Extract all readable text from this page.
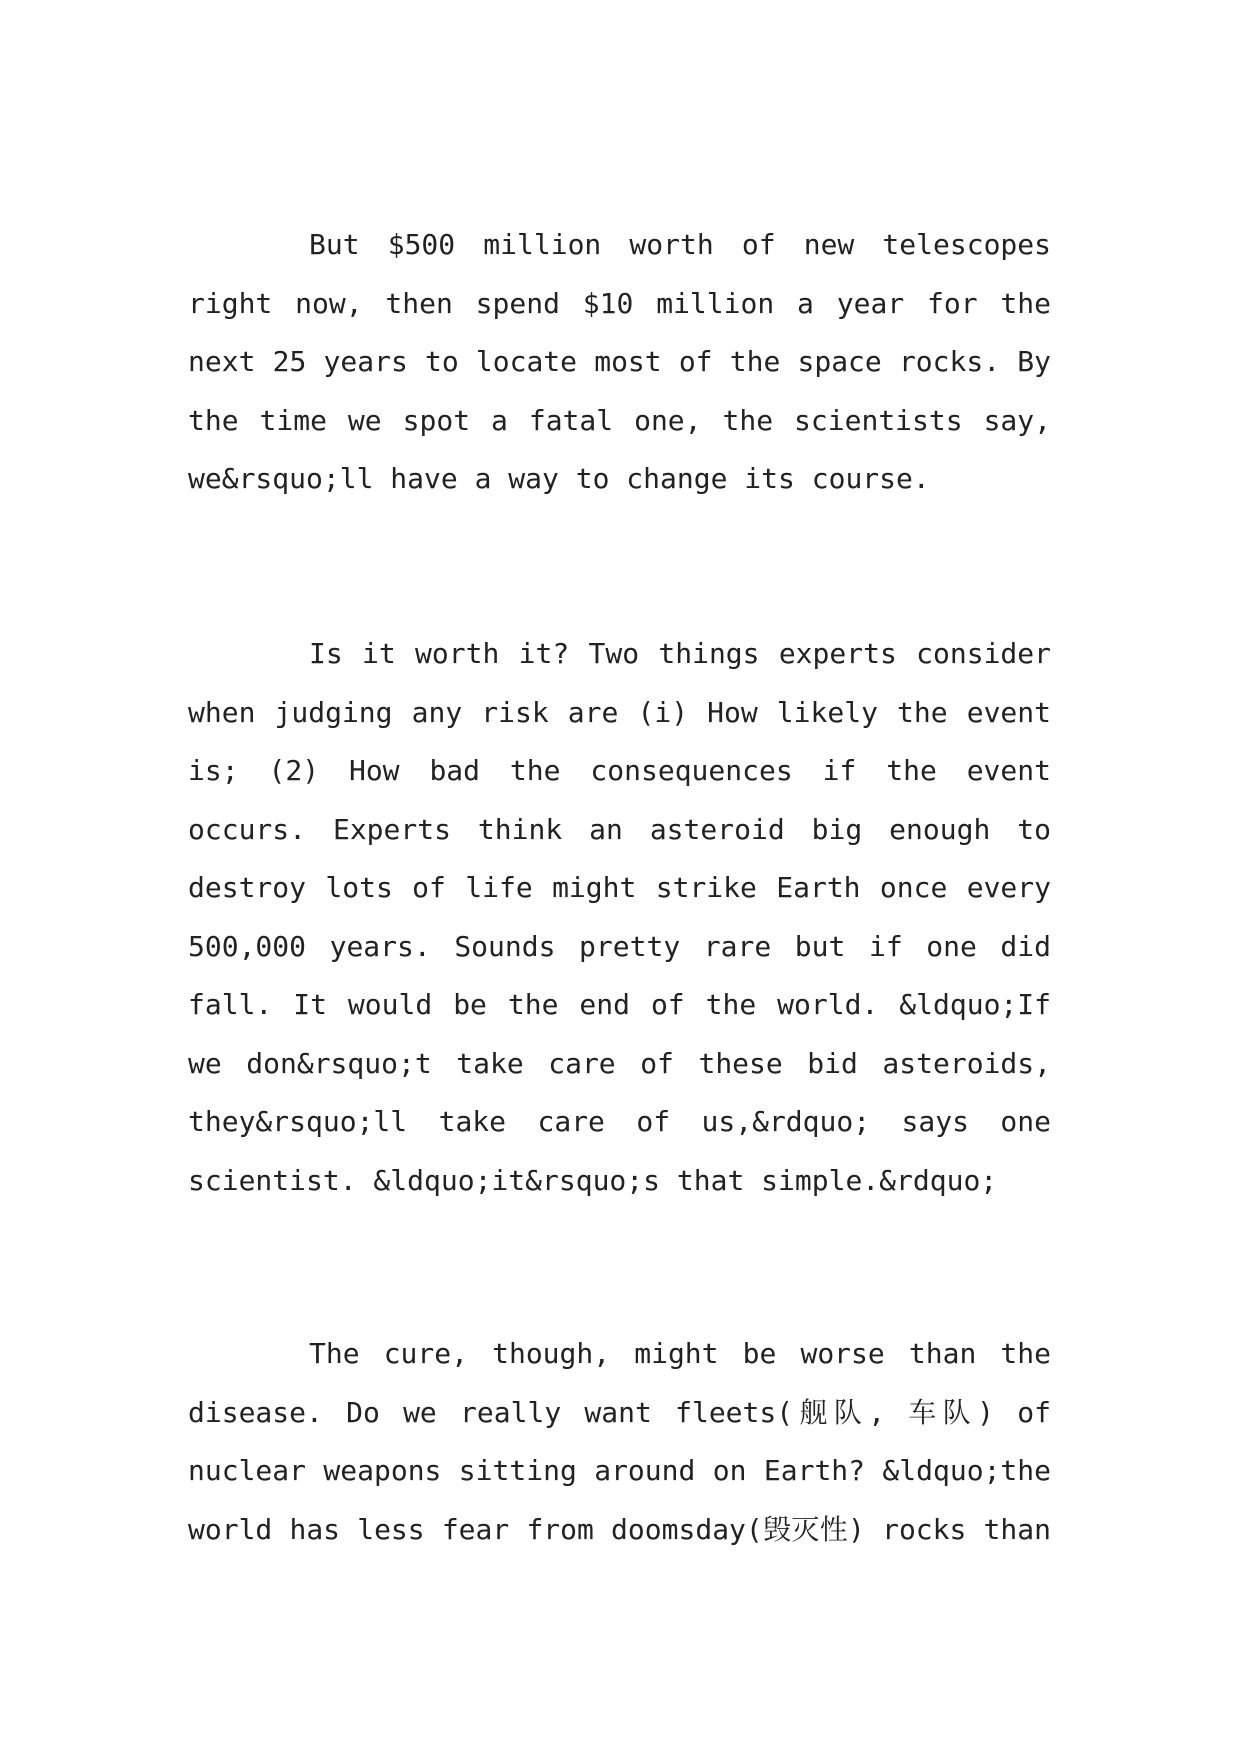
But $500 million worth of new telescopes
right now, then spend $10 million a year for the
next 25 years to locate most of the space rocks. By
the time we spot a fatal one, the scientists say,
we&rsquo;ll have a way to change its course.
Is it worth it? Two things experts consider
when judging any risk are (i) How likely the event
is; (2) How bad the consequences if the event
occurs. Experts think an asteroid big enough to
destroy lots of life might strike Earth once every
500,000 years. Sounds pretty rare but if one did
fall. It would be the end of the world. &ldquo;If
we don&rsquo;t take care of these bid asteroids,
they&rsquo;ll take care of us,&rdquo; says one
scientist. &ldquo;it&rsquo;s that simple.&rdquo;
The cure, though, might be worse than the
disease. Do we really want fleets(舰队, 车队) of
nuclear weapons sitting around on Earth? &ldquo;the
world has less fear from doomsday(毁灭性) rocks than
